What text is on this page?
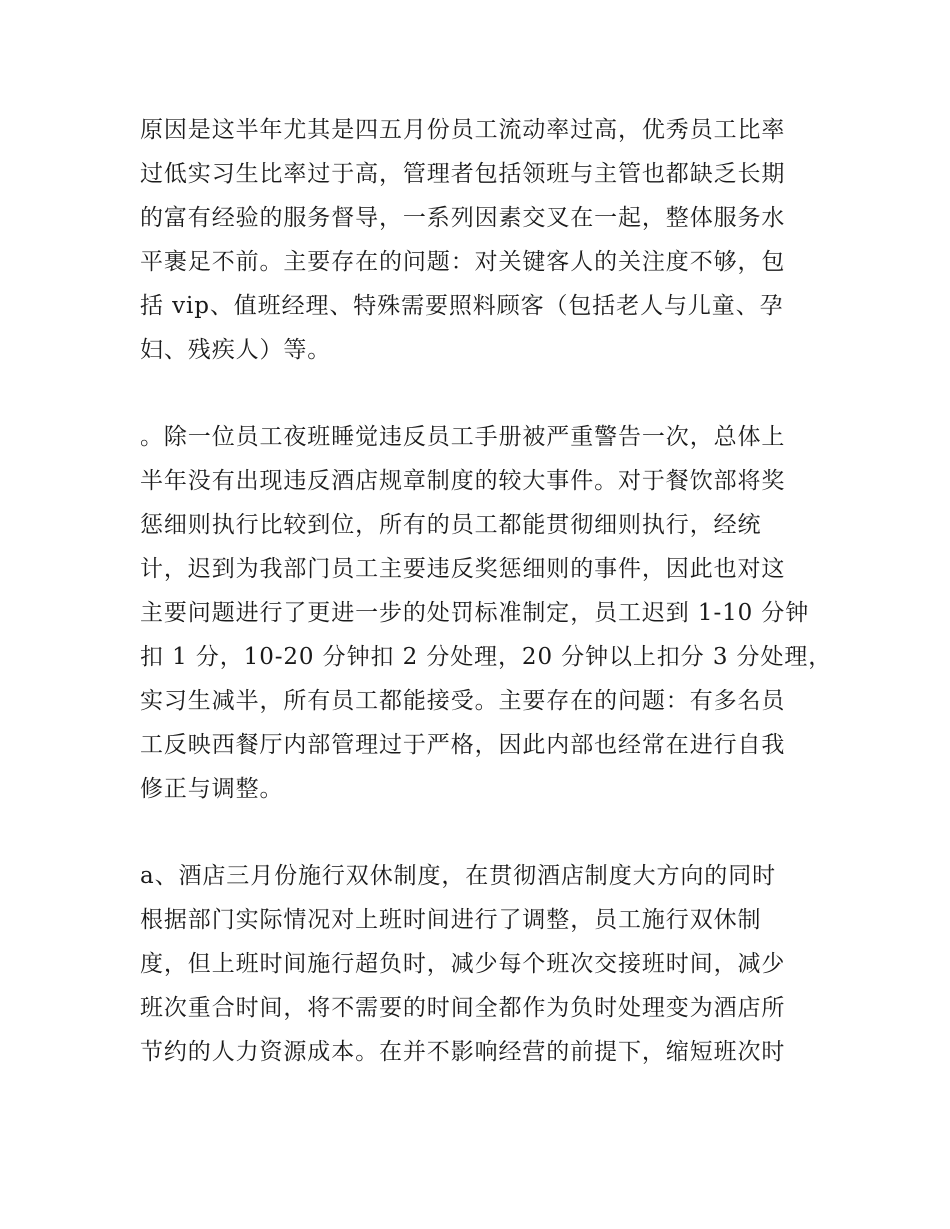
原因是这半年尤其是四五月份员工流动率过高，优秀员工比率

过低实习生比率过于高，管理者包括领班与主管也都缺乏长期

的富有经验的服务督导，一系列因素交叉在一起，整体服务水

平裹足不前。主要存在的问题：对关键客人的关注度不够，包

括 vip、值班经理、特殊需要照料顾客（包括老人与儿童、孕

妇、残疾人）等。

。除一位员工夜班睡觉违反员工手册被严重警告一次，总体上

半年没有出现违反酒店规章制度的较大事件。对于餐饮部将奖

惩细则执行比较到位，所有的员工都能贯彻细则执行，经统

计，迟到为我部门员工主要违反奖惩细则的事件，因此也对这

主要问题进行了更进一步的处罚标准制定，员工迟到 1-10 分钟

扣 1 分，10-20 分钟扣 2 分处理，20 分钟以上扣分 3 分处理，

实习生减半，所有员工都能接受。主要存在的问题：有多名员

工反映西餐厅内部管理过于严格，因此内部也经常在进行自我

修正与调整。

a、酒店三月份施行双休制度，在贯彻酒店制度大方向的同时

根据部门实际情况对上班时间进行了调整，员工施行双休制

度，但上班时间施行超负时，减少每个班次交接班时间，减少

班次重合时间，将不需要的时间全都作为负时处理变为酒店所

节约的人力资源成本。在并不影响经营的前提下，缩短班次时
